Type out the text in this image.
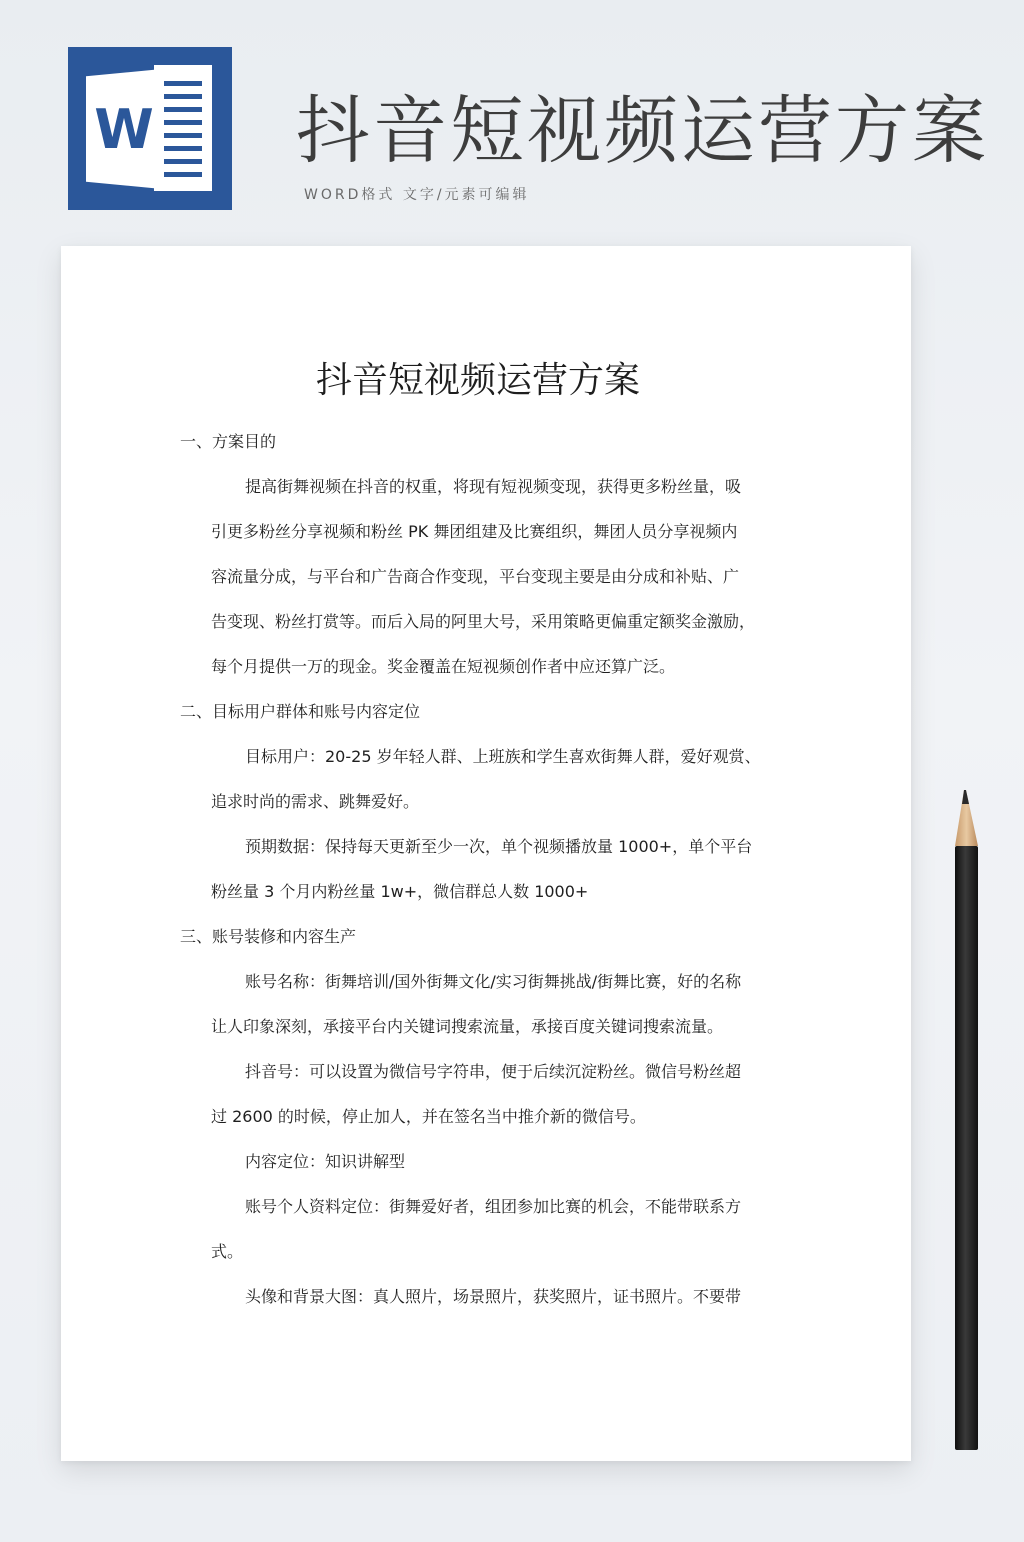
W 抖音短视频运营方案
WORD格式 文字/元素可编辑
抖音短视频运营方案
一、方案目的
提高街舞视频在抖音的权重，将现有短视频变现，获得更多粉丝量，吸
引更多粉丝分享视频和粉丝 PK 舞团组建及比赛组织，舞团人员分享视频内
容流量分成，与平台和广告商合作变现，平台变现主要是由分成和补贴、广
告变现、粉丝打赏等。而后入局的阿里大号，采用策略更偏重定额奖金激励，
每个月提供一万的现金。奖金覆盖在短视频创作者中应还算广泛。
二、目标用户群体和账号内容定位
目标用户：20-25 岁年轻人群、上班族和学生喜欢街舞人群，爱好观赏、
追求时尚的需求、跳舞爱好。
预期数据：保持每天更新至少一次，单个视频播放量 1000+，单个平台
粉丝量 3 个月内粉丝量 1w+，微信群总人数 1000+
三、账号装修和内容生产
账号名称：街舞培训/国外街舞文化/实习街舞挑战/街舞比赛，好的名称
让人印象深刻，承接平台内关键词搜索流量，承接百度关键词搜索流量。
抖音号：可以设置为微信号字符串，便于后续沉淀粉丝。微信号粉丝超
过 2600 的时候，停止加人，并在签名当中推介新的微信号。
内容定位：知识讲解型
账号个人资料定位：街舞爱好者，组团参加比赛的机会，不能带联系方
式。
头像和背景大图：真人照片，场景照片，获奖照片，证书照片。不要带
